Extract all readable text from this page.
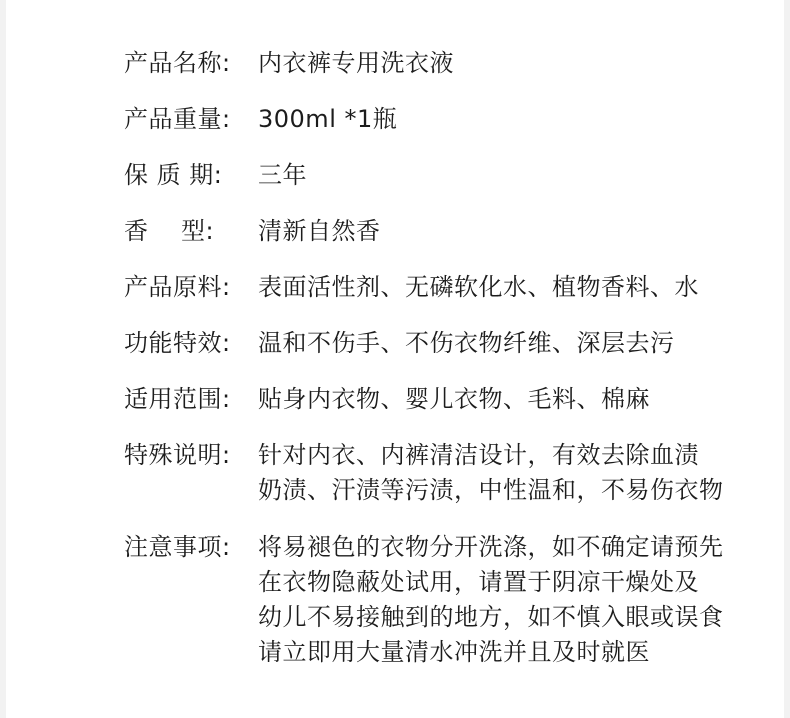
产品名称:	内衣裤专用洗衣液
产品重量:	300ml *1瓶
保 质 期:	三年
香    型:	清新自然香
产品原料:	表面活性剂、无磷软化水、植物香料、水
功能特效:	温和不伤手、不伤衣物纤维、深层去污
适用范围:	贴身内衣物、婴儿衣物、毛料、棉麻
特殊说明:	针对内衣、内裤清洁设计，有效去除血渍
奶渍、汗渍等污渍，中性温和，不易伤衣物
注意事项:	将易褪色的衣物分开洗涤，如不确定请预先
在衣物隐蔽处试用，请置于阴凉干燥处及
幼儿不易接触到的地方，如不慎入眼或误食
请立即用大量清水冲洗并且及时就医
